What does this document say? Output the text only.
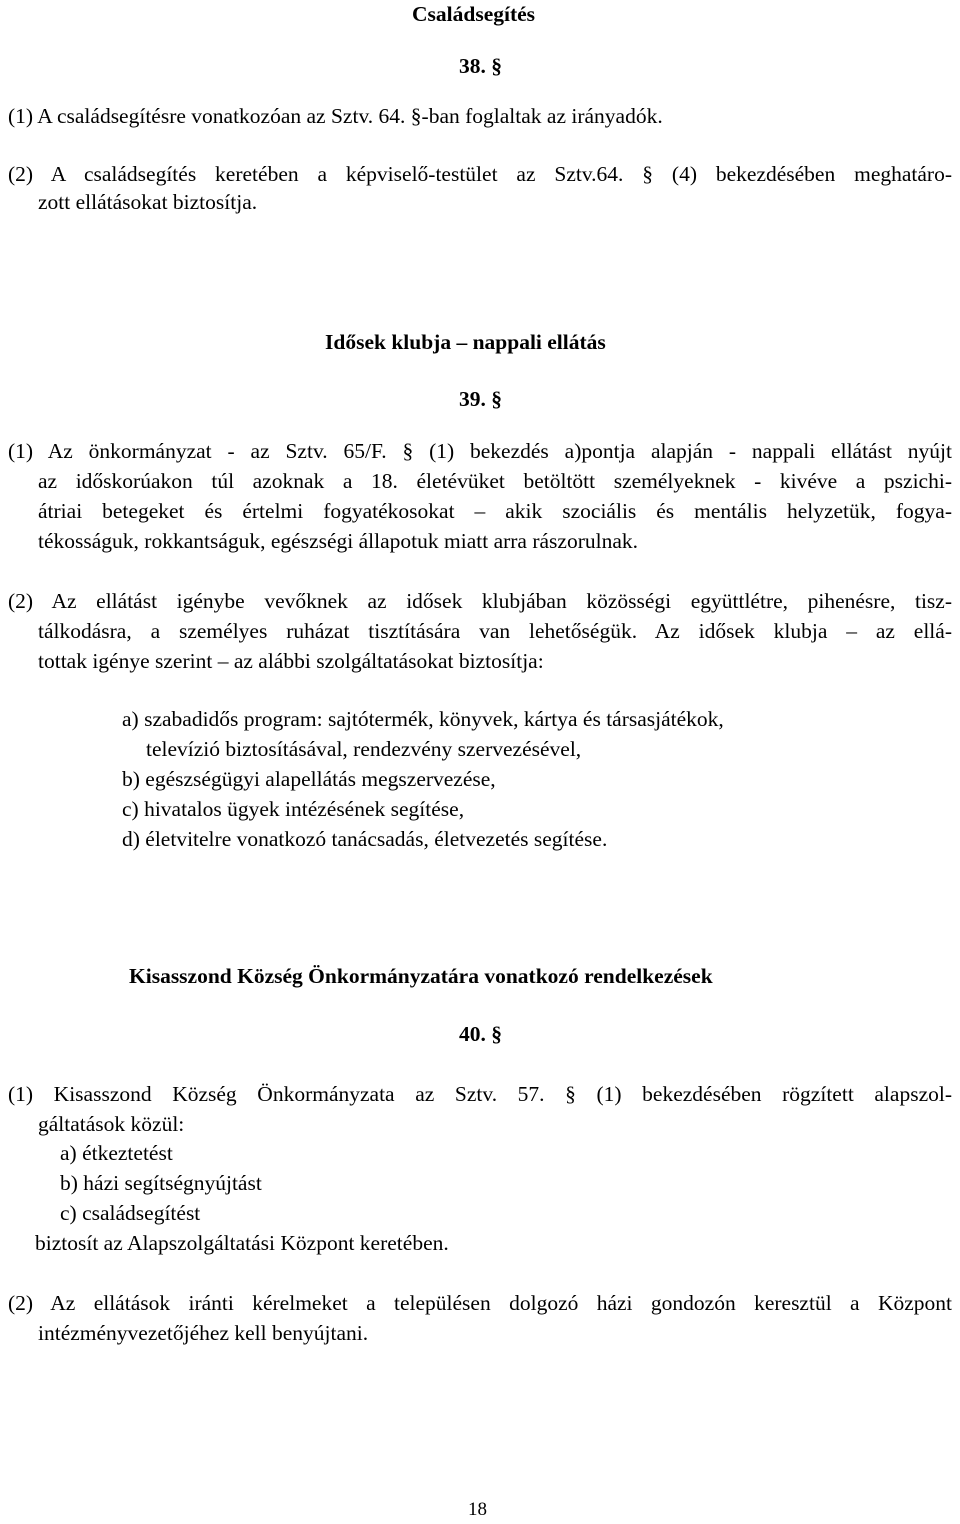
Családsegítés
38. §
(1) A családsegítésre vonatkozóan az Sztv. 64. §-ban foglaltak az irányadók.
(2) A családsegítés keretében a képviselő-testület az Sztv.64. § (4) bekezdésében meghatáro-
zott ellátásokat biztosítja.
Idősek klubja – nappali ellátás
39. §
(1) Az önkormányzat - az Sztv. 65/F. § (1) bekezdés a)pontja alapján - nappali ellátást nyújt
az időskorúakon túl azoknak a 18. életévüket betöltött személyeknek - kivéve a pszichi-
átriai betegeket és értelmi fogyatékosokat – akik szociális és mentális helyzetük, fogya-
tékosságuk, rokkantságuk, egészségi állapotuk miatt arra rászorulnak.
(2) Az ellátást igénybe vevőknek az idősek klubjában közösségi együttlétre, pihenésre, tisz-
tálkodásra, a személyes ruházat tisztítására van lehetőségük. Az idősek klubja – az ellá-
tottak igénye szerint – az alábbi szolgáltatásokat biztosítja:
a) szabadidős program: sajtótermék, könyvek, kártya és társasjátékok,
televízió biztosításával, rendezvény szervezésével,
b) egészségügyi alapellátás megszervezése,
c) hivatalos ügyek intézésének segítése,
d) életvitelre vonatkozó tanácsadás, életvezetés segítése.
Kisasszond Község Önkormányzatára vonatkozó rendelkezések
40. §
(1) Kisasszond Község Önkormányzata az Sztv. 57. § (1) bekezdésében rögzített alapszol-
gáltatások közül:
a) étkeztetést
b) házi segítségnyújtást
c) családsegítést
biztosít az Alapszolgáltatási Központ keretében.
(2) Az ellátások iránti kérelmeket a településen dolgozó házi gondozón keresztül a Központ
intézményvezetőjéhez kell benyújtani.
18
